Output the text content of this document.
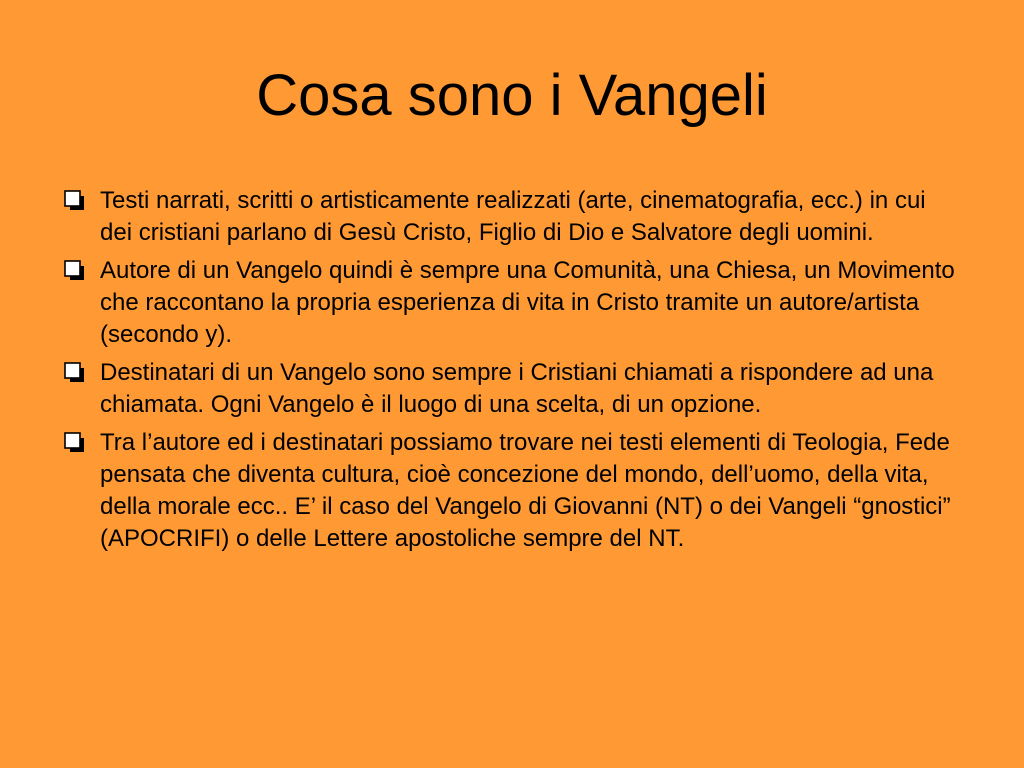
Cosa sono i Vangeli
Testi narrati, scritti o artisticamente realizzati (arte, cinematografia, ecc.) in cui dei cristiani parlano di Gesù Cristo, Figlio di Dio e Salvatore degli uomini.
Autore di un Vangelo quindi è sempre una Comunità, una Chiesa, un Movimento che raccontano la propria esperienza di vita in Cristo tramite un autore/artista (secondo y).
Destinatari di un Vangelo sono sempre i Cristiani chiamati a rispondere ad una chiamata. Ogni Vangelo è il luogo di una scelta, di un opzione.
Tra l’autore ed i destinatari possiamo trovare nei testi elementi di Teologia, Fede pensata che diventa cultura, cioè concezione del mondo, dell’uomo, della vita, della morale ecc.. E’ il caso del Vangelo di Giovanni (NT) o dei Vangeli “gnostici” (APOCRIFI) o delle Lettere apostoliche sempre del NT.
